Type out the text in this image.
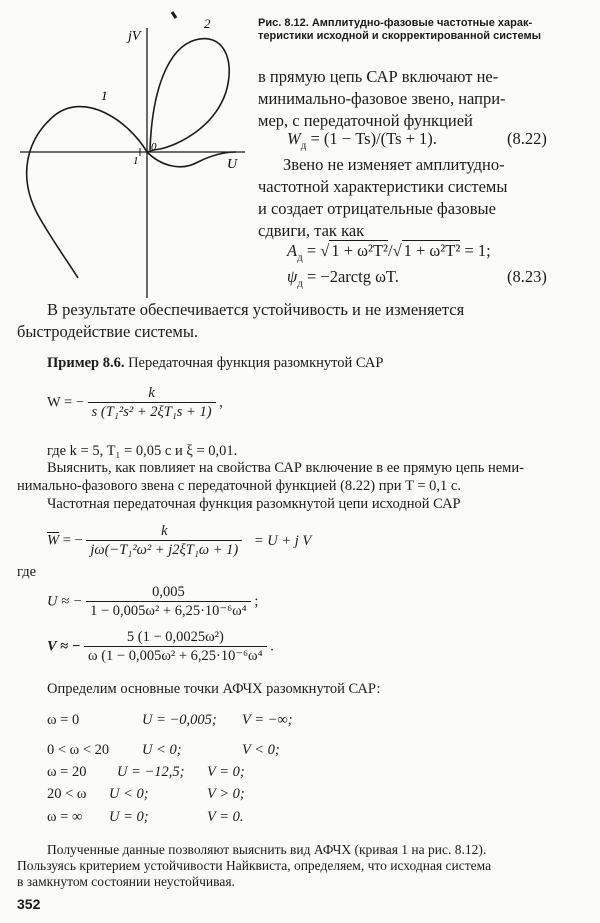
jV
U
1
2
0
1
Рис. 8.12. Амплитудно-фазовые частотные харак-
теристики исходной и скорректированной системы
в прямую цепь САР включают не-
минимально-фазовое звено, напри-
мер, с передаточной функцией
$W_д = (1 - Ts)/(Ts + 1)$.	(8.22)
Звено не изменяет амплитудно-
частотной характеристики системы
и создает отрицательные фазовые
сдвиги, так как
$A_д$ = √ 1 + ω²T²/√ 1 + ω²T² = 1;
$\psi_д$ = −2arctg ωT.	(8.23)
В результате обеспечивается устойчивость и не изменяется
быстродействие системы.
Пример 8.6. Передаточная функция разомкнутой САР
W = − $\frac{k}{\text{s (T₁²s² + 2ξT₁s + 1)}}$ ,
где k = 5, T₁ = 0,05 с и ξ = 0,01.
Выяснить, как повлияет на свойства САР включение в ее прямую цепь неми-
нимально-фазового звена с передаточной функцией (8.22) при T = 0,1 с.
Частотная передаточная функция разомкнутой цепи исходной САР
$\overline{W}$ = − $\frac{k}{\text{jω(−T₁²ω² + j2ξT₁ω + 1)}} = U + j$ V
где
U ≈ − $\frac{0,005}{\text{1 − 0,005ω² + 6,25·10⁻⁶ω⁴}}$ ;
V ≈ − $\frac{\text{5 (1 − 0,0025ω²)}}{\text{ω (1 − 0,005ω² + 6,25·10⁻⁶ω⁴}}$ .
Определим основные точки АФЧХ разомкнутой САР:
ω = 0	U = −0,005; V = −∞;
0 < ω < 20 U < 0;	V < 0;
ω = 20 U = −12,5; V = 0;
20 < ω U < 0;	V > 0;
ω = ∞ U = 0;	V = 0.
Полученные данные позволяют выяснить вид АФЧХ (кривая 1 на рис. 8.12).
Пользуясь критерием устойчивости Найквиста, определяем, что исходная система
в замкнутом состоянии неустойчивая.
352
